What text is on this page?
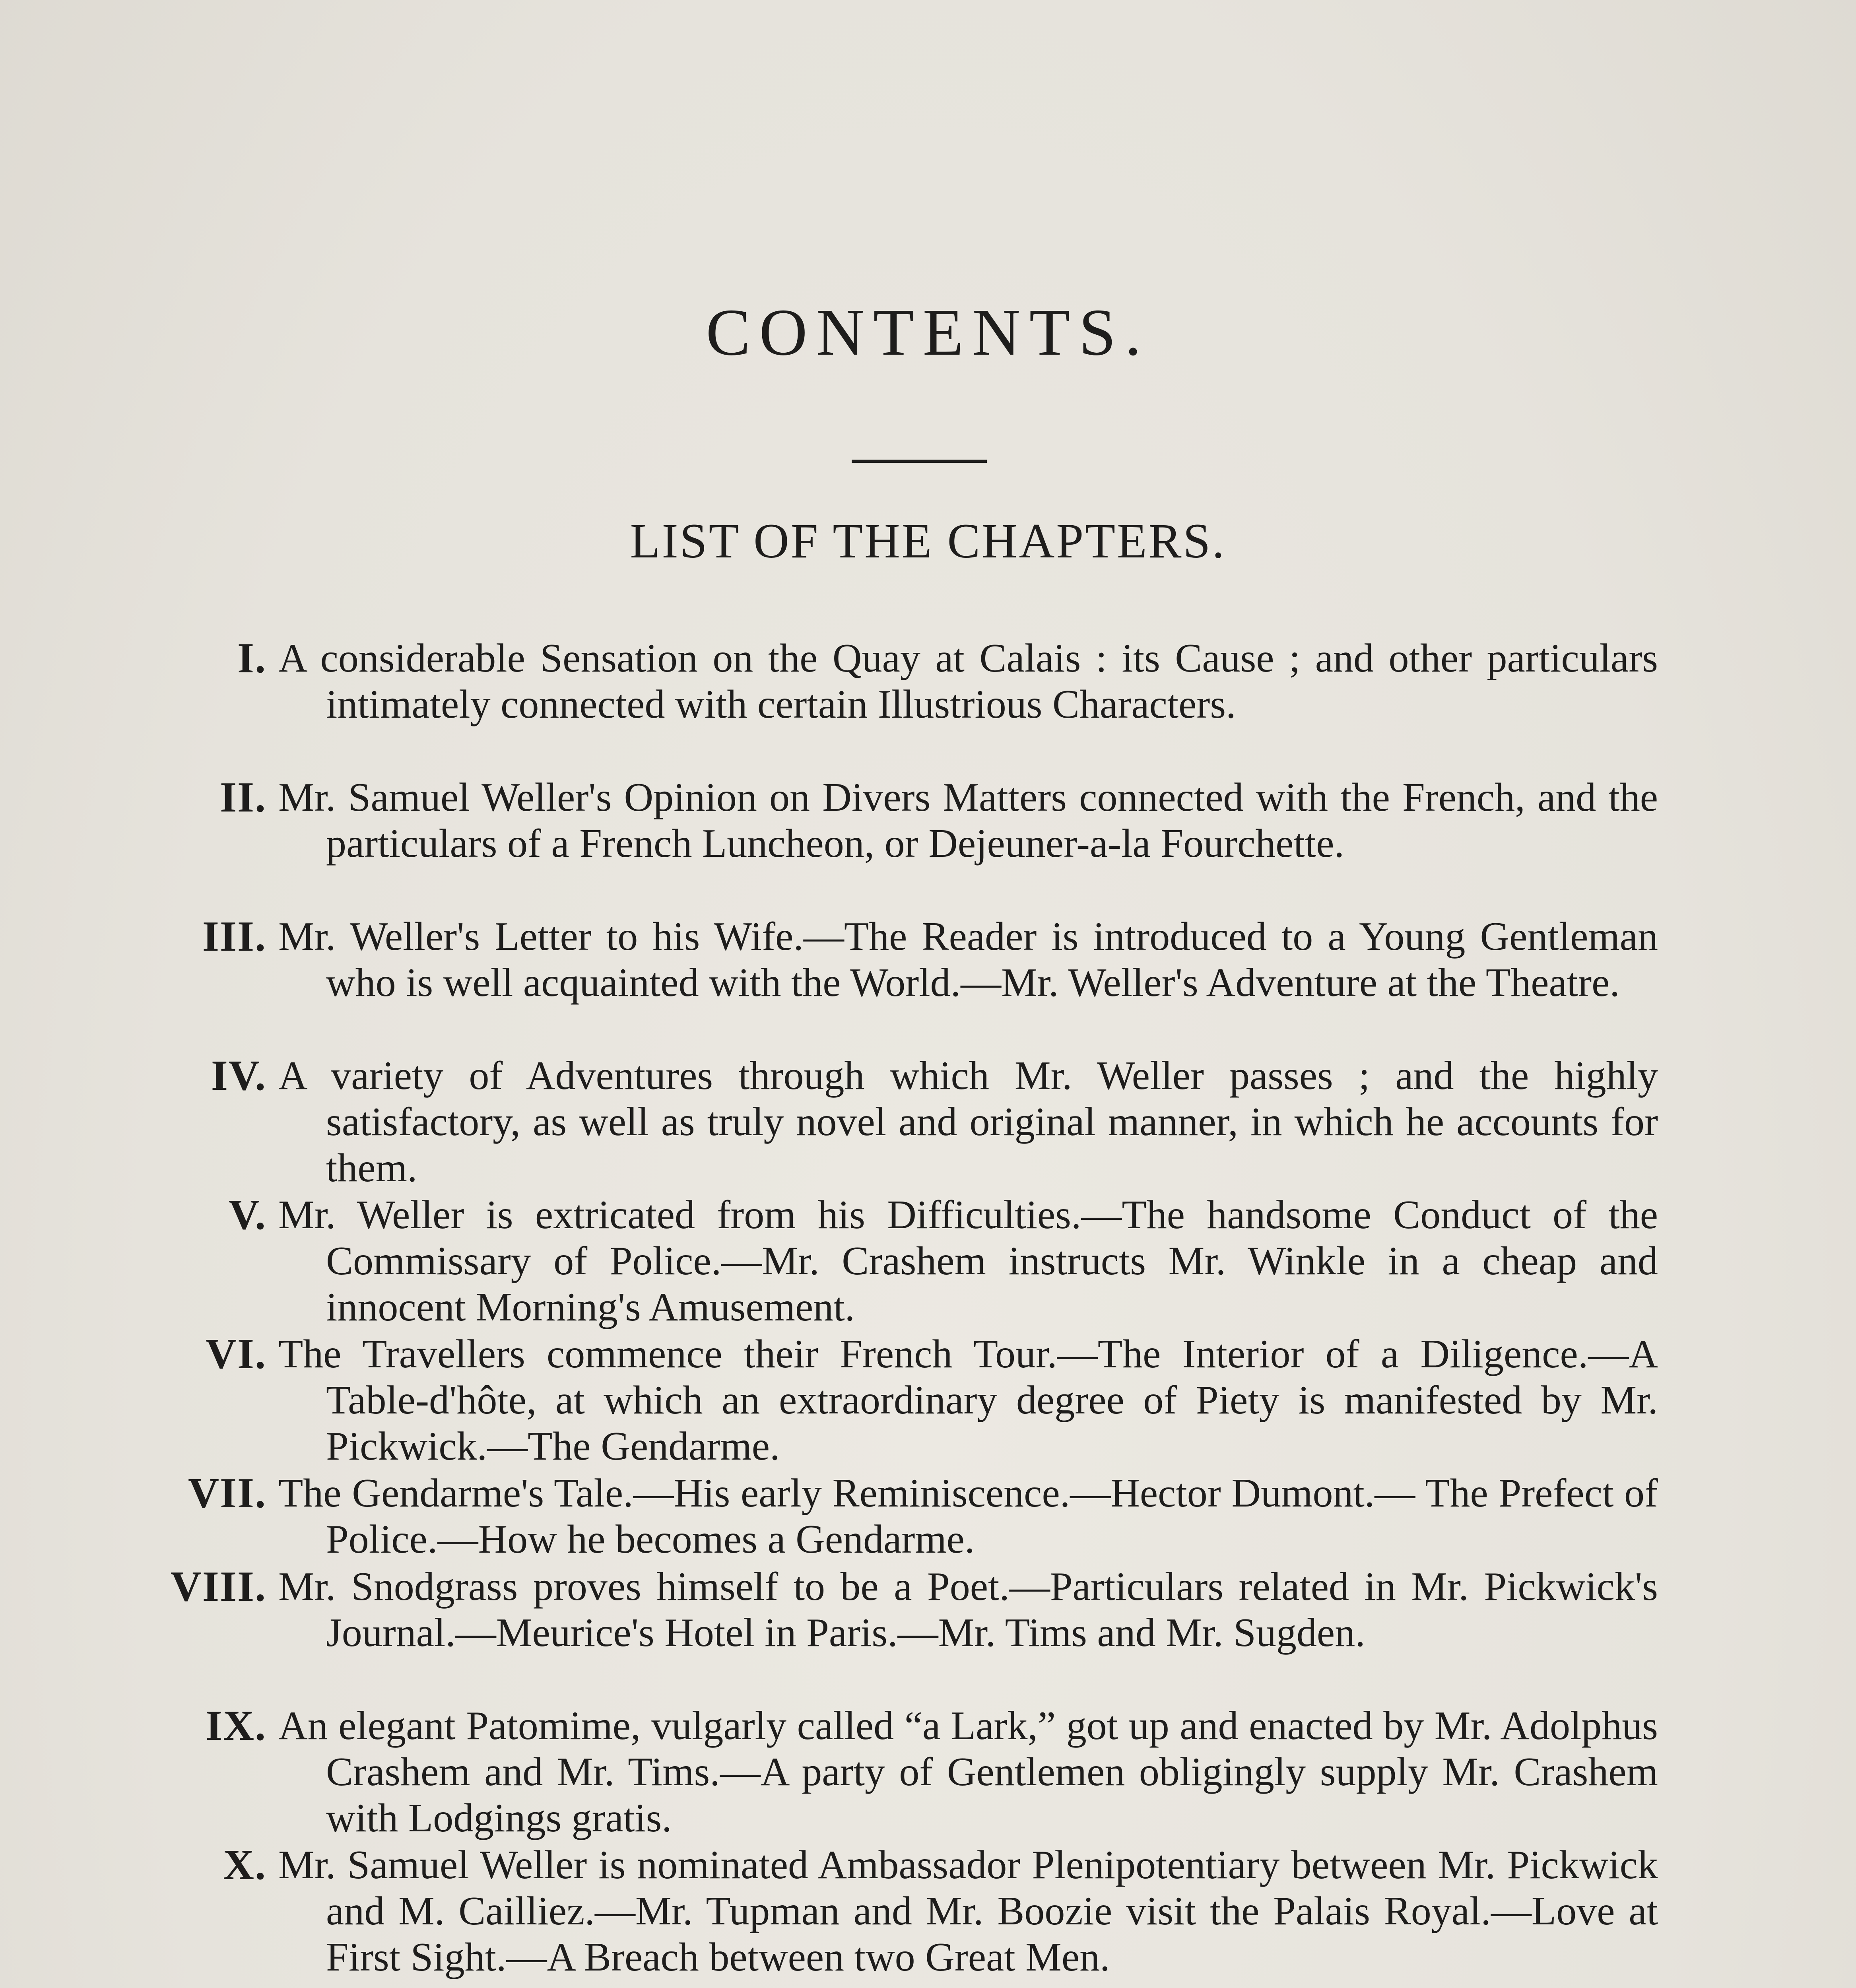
CONTENTS.
LIST OF THE CHAPTERS.
I. A considerable Sensation on the Quay at Calais : its Cause ; and other particulars intimately connected with certain Illustrious Characters.
II. Mr. Samuel Weller's Opinion on Divers Matters connected with the French, and the particulars of a French Luncheon, or Dejeuner-a-la Fourchette.
III. Mr. Weller's Letter to his Wife.—The Reader is introduced to a Young Gentleman who is well acquainted with the World.—Mr. Weller's Adventure at the Theatre.
IV. A variety of Adventures through which Mr. Weller passes ; and the highly satisfactory, as well as truly novel and original manner, in which he accounts for them.
V. Mr. Weller is extricated from his Difficulties.—The handsome Conduct of the Commissary of Police.—Mr. Crashem instructs Mr. Winkle in a cheap and innocent Morning's Amusement.
VI. The Travellers commence their French Tour.—The Interior of a Diligence.—A Table-d'hôte, at which an extraordinary degree of Piety is manifested by Mr. Pickwick.—The Gendarme.
VII. The Gendarme's Tale.—His early Reminiscence.—Hector Dumont.— The Prefect of Police.—How he becomes a Gendarme.
VIII. Mr. Snodgrass proves himself to be a Poet.—Particulars related in Mr. Pickwick's Journal.—Meurice's Hotel in Paris.—Mr. Tims and Mr. Sugden.
IX. An elegant Patomime, vulgarly called “a Lark,” got up and enacted by Mr. Adolphus Crashem and Mr. Tims.—A party of Gentlemen obligingly supply Mr. Crashem with Lodgings gratis.
X. Mr. Samuel Weller is nominated Ambassador Plenipotentiary between Mr. Pickwick and M. Cailliez.—Mr. Tupman and Mr. Boozie visit the Palais Royal.—Love at First Sight.—A Breach between two Great Men.
